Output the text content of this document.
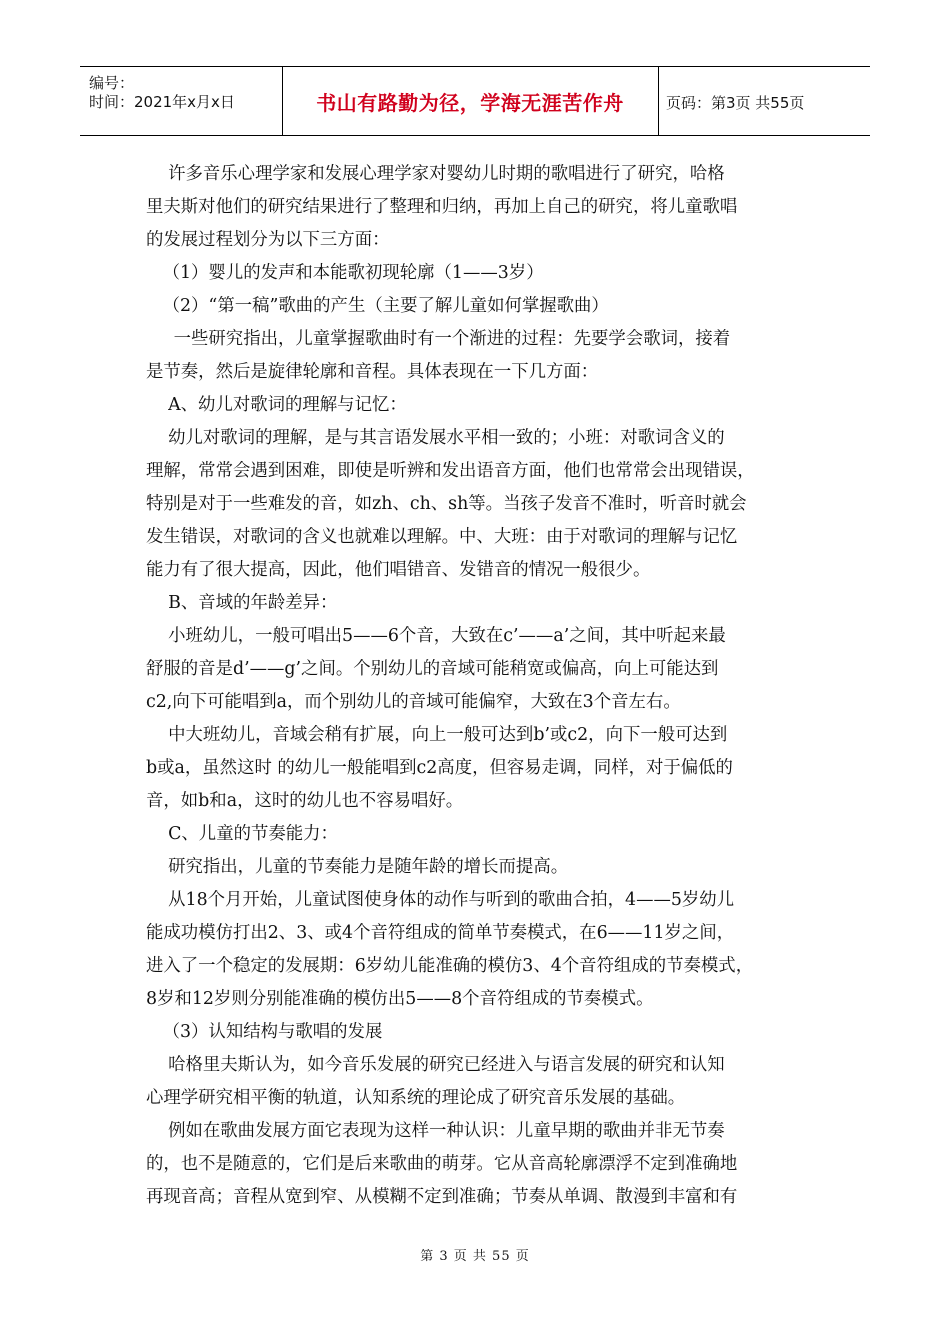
编号：
时间：2021年x月x日	书山有路勤为径，学海无涯苦作舟	页码：第3页 共55页
许多音乐心理学家和发展心理学家对婴幼儿时期的歌唱进行了研究，哈格
里夫斯对他们的研究结果进行了整理和归纳，再加上自己的研究，将儿童歌唱
的发展过程划分为以下三方面：
（1）婴儿的发声和本能歌初现轮廓（1——3岁）
（2）“第一稿”歌曲的产生（主要了解儿童如何掌握歌曲）
一些研究指出，儿童掌握歌曲时有一个渐进的过程：先要学会歌词，接着
是节奏，然后是旋律轮廓和音程。具体表现在一下几方面：
A、幼儿对歌词的理解与记忆：
幼儿对歌词的理解，是与其言语发展水平相一致的；小班：对歌词含义的
理解，常常会遇到困难，即使是听辨和发出语音方面，他们也常常会出现错误，
特别是对于一些难发的音，如zh、ch、sh等。当孩子发音不准时，听音时就会
发生错误，对歌词的含义也就难以理解。中、大班：由于对歌词的理解与记忆
能力有了很大提高，因此，他们唱错音、发错音的情况一般很少。
B、音域的年龄差异：
小班幼儿，一般可唱出5——6个音，大致在c’——a’之间，其中听起来最
舒服的音是d’——g’之间。个别幼儿的音域可能稍宽或偏高，向上可能达到
c2,向下可能唱到a，而个别幼儿的音域可能偏窄，大致在3个音左右。
中大班幼儿，音域会稍有扩展，向上一般可达到b’或c2，向下一般可达到
b或a，虽然这时 的幼儿一般能唱到c2高度，但容易走调，同样，对于偏低的
音，如b和a，这时的幼儿也不容易唱好。
C、儿童的节奏能力：
研究指出，儿童的节奏能力是随年龄的增长而提高。
从18个月开始，儿童试图使身体的动作与听到的歌曲合拍，4——5岁幼儿
能成功模仿打出2、3、或4个音符组成的简单节奏模式，在6——11岁之间，
进入了一个稳定的发展期：6岁幼儿能准确的模仿3、4个音符组成的节奏模式，
8岁和12岁则分别能准确的模仿出5——8个音符组成的节奏模式。
（3）认知结构与歌唱的发展
哈格里夫斯认为，如今音乐发展的研究已经进入与语言发展的研究和认知
心理学研究相平衡的轨道，认知系统的理论成了研究音乐发展的基础。
例如在歌曲发展方面它表现为这样一种认识：儿童早期的歌曲并非无节奏
的，也不是随意的，它们是后来歌曲的萌芽。它从音高轮廓漂浮不定到准确地
再现音高；音程从宽到窄、从模糊不定到准确；节奏从单调、散漫到丰富和有
第 3 页 共 55 页
